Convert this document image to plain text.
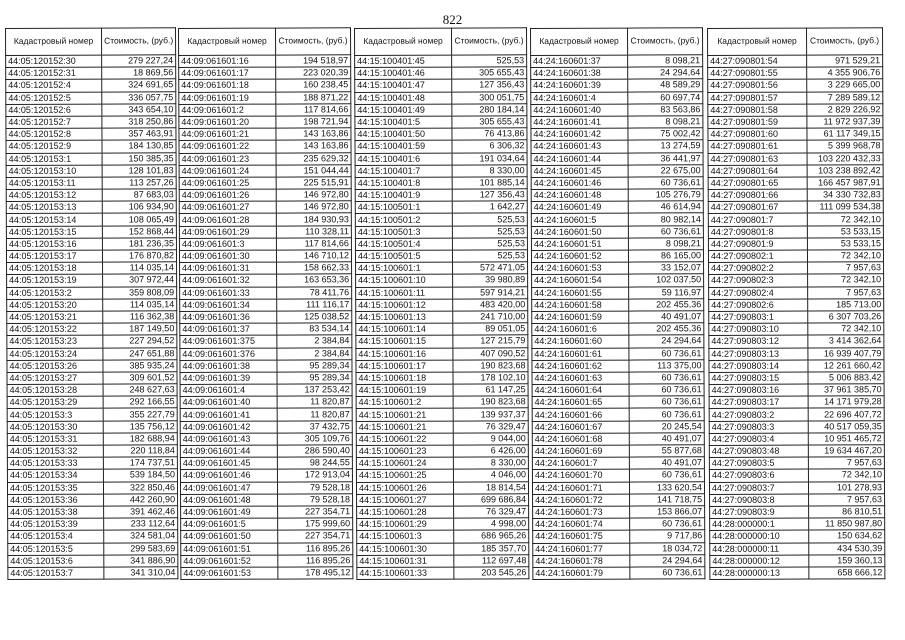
822
Кадастровый номер	Стоимость, (руб.)
44:05:120152:30	279 227,24
44:05:120152:31	18 869,56
44:05:120152:4	324 691,65
44:05:120152:5	336 057,75
44:05:120152:6	343 654,10
44:05:120152:7	318 250,86
44:05:120152:8	357 463,91
44:05:120152:9	184 130,85
44:05:120153:1	150 385,35
44:05:120153:10	128 101,83
44:05:120153:11	113 257,26
44:05:120153:12	87 683,03
44:05:120153:13	106 934,90
44:05:120153:14	108 065,49
44:05:120153:15	152 868,44
44:05:120153:16	181 236,35
44:05:120153:17	176 870,82
44:05:120153:18	114 035,14
44:05:120153:19	307 972,44
44:05:120153:2	359 808,09
44:05:120153:20	114 035,14
44:05:120153:21	116 362,38
44:05:120153:22	187 149,50
44:05:120153:23	227 294,52
44:05:120153:24	247 651,88
44:05:120153:26	385 935,24
44:05:120153:27	309 601,52
44:05:120153:28	248 627,63
44:05:120153:29	292 166,55
44:05:120153:3	355 227,79
44:05:120153:30	135 756,12
44:05:120153:31	182 688,94
44:05:120153:32	220 118,84
44:05:120153:33	174 737,51
44:05:120153:34	539 184,50
44:05:120153:35	322 850,46
44:05:120153:36	442 260,90
44:05:120153:38	391 462,46
44:05:120153:39	233 112,64
44:05:120153:4	324 581,04
44:05:120153:5	299 583,69
44:05:120153:6	341 886,90
44:05:120153:7	341 310,04
Кадастровый номер	Стоимость, (руб.)
44:09:061601:16	194 518,97
44:09:061601:17	223 020,39
44:09:061601:18	160 238,45
44:09:061601:19	188 871,22
44:09:061601:2	117 814,66
44:09:061601:20	198 721,94
44:09:061601:21	143 163,86
44:09:061601:22	143 163,86
44:09:061601:23	235 629,32
44:09:061601:24	151 044,44
44:09:061601:25	225 515,91
44:09:061601:26	146 972,80
44:09:061601:27	146 972,80
44:09:061601:28	184 930,93
44:09:061601:29	110 328,11
44:09:061601:3	117 814,66
44:09:061601:30	146 710,12
44:09:061601:31	158 662,33
44:09:061601:32	163 653,36
44:09:061601:33	78 411,76
44:09:061601:34	111 116,17
44:09:061601:36	125 038,52
44:09:061601:37	83 534,14
44:09:061601:375	2 384,84
44:09:061601:376	2 384,84
44:09:061601:38	95 289,34
44:09:061601:39	95 289,34
44:09:061601:4	137 253,42
44:09:061601:40	11 820,87
44:09:061601:41	11 820,87
44:09:061601:42	37 432,75
44:09:061601:43	305 109,76
44:09:061601:44	286 590,40
44:09:061601:45	98 244,55
44:09:061601:46	172 913,04
44:09:061601:47	79 528,18
44:09:061601:48	79 528,18
44:09:061601:49	227 354,71
44:09:061601:5	175 999,60
44:09:061601:50	227 354,71
44:09:061601:51	116 895,26
44:09:061601:52	116 895,26
44:09:061601:53	178 495,12
Кадастровый номер	Стоимость, (руб.)
44:15:100401:45	525,53
44:15:100401:46	305 655,43
44:15:100401:47	127 356,43
44:15:100401:48	300 051,75
44:15:100401:49	280 184,14
44:15:100401:5	305 655,43
44:15:100401:50	76 413,86
44:15:100401:59	6 306,32
44:15:100401:6	191 034,64
44:15:100401:7	8 330,00
44:15:100401:8	101 885,14
44:15:100401:9	127 356,43
44:15:100501:1	1 642,27
44:15:100501:2	525,53
44:15:100501:3	525,53
44:15:100501:4	525,53
44:15:100501:5	525,53
44:15:100601:1	572 471,05
44:15:100601:10	39 980,89
44:15:100601:11	597 914,21
44:15:100601:12	483 420,00
44:15:100601:13	241 710,00
44:15:100601:14	89 051,05
44:15:100601:15	127 215,79
44:15:100601:16	407 090,52
44:15:100601:17	190 823,68
44:15:100601:18	178 102,10
44:15:100601:19	61 147,25
44:15:100601:2	190 823,68
44:15:100601:21	139 937,37
44:15:100601:21	76 329,47
44:15:100601:22	9 044,00
44:15:100601:23	6 426,00
44:15:100601:24	8 330,00
44:15:100601:25	4 046,00
44:15:100601:26	18 814,54
44:15:100601:27	699 686,84
44:15:100601:28	76 329,47
44:15:100601:29	4 998,00
44:15:100601:3	686 965,26
44:15:100601:30	185 357,70
44:15:100601:31	112 697,48
44:15:100601:33	203 545,26
Кадастровый номер	Стоимость, (руб.)
44:24:160601:37	8 098,21
44:24:160601:38	24 294,64
44:24:160601:39	48 589,29
44:24:160601:4	60 697,74
44:24:160601:40	83 563,86
44:24:160601:41	8 098,21
44:24:160601:42	75 002,42
44:24:160601:43	13 274,59
44:24:160601:44	36 441,97
44:24:160601:45	22 675,00
44:24:160601:46	60 736,61
44:24:160601:48	105 276,79
44:24:160601:49	46 614,94
44:24:160601:5	80 982,14
44:24:160601:50	60 736,61
44:24:160601:51	8 098,21
44:24:160601:52	86 165,00
44:24:160601:53	33 152,07
44:24:160601:54	102 037,50
44:24:160601:55	59 116,97
44:24:160601:58	202 455,36
44:24:160601:59	40 491,07
44:24:160601:6	202 455,36
44:24:160601:60	24 294,64
44:24:160601:61	60 736,61
44:24:160601:62	113 375,00
44:24:160601:63	60 736,61
44:24:160601:64	60 736,61
44:24:160601:65	60 736,61
44:24:160601:66	60 736,61
44:24:160601:67	20 245,54
44:24:160601:68	40 491,07
44:24:160601:69	55 877,68
44:24:160601:7	40 491,07
44:24:160601:70	60 736,61
44:24:160601:71	133 620,54
44:24:160601:72	141 718,75
44:24:160601:73	153 866,07
44:24:160601:74	60 736,61
44:24:160601:75	9 717,86
44:24:160601:77	18 034,72
44:24:160601:78	24 294,64
44:24:160601:79	60 736,61
Кадастровый номер	Стоимость, (руб.)
44:27:090801:54	971 529,21
44:27:090801:55	4 355 906,76
44:27:090801:56	3 229 665,00
44:27:090801:57	7 289 589,12
44:27:090801:58	2 829 226,92
44:27:090801:59	11 972 937,39
44:27:090801:60	61 117 349,15
44:27:090801:61	5 399 968,78
44:27:090801:63	103 220 432,33
44:27:090801:64	103 238 892,42
44:27:090801:65	166 457 987,91
44:27:090801:66	34 330 732,83
44:27:090801:67	111 099 534,38
44:27:090801:7	72 342,10
44:27:090801:8	53 533,15
44:27:090801:9	53 533,15
44:27:090802:1	72 342,10
44:27:090802:2	7 957,63
44:27:090802:3	72 342,10
44:27:090802:4	7 957,63
44:27:090802:6	185 713,00
44:27:090803:1	6 307 703,26
44:27:090803:10	72 342,10
44:27:090803:12	3 414 362,64
44:27:090803:13	16 939 407,79
44:27:090803:14	12 261 660,42
44:27:090803:15	5 006 883,42
44:27:090803:16	37 961 385,70
44:27:090803:17	14 171 979,28
44:27:090803:2	22 696 407,72
44:27:090803:3	40 517 059,35
44:27:090803:4	10 951 465,72
44:27:090803:48	19 634 467,20
44:27:090803:5	7 957,63
44:27:090803:6	72 342,10
44:27:090803:7	101 278,93
44:27:090803:8	7 957,63
44:27:090803:9	86 810,51
44:28:000000:1	11 850 987,80
44:28:000000:10	150 634,62
44:28:000000:11	434 530,39
44:28:000000:12	159 360,13
44:28:000000:13	658 666,12
